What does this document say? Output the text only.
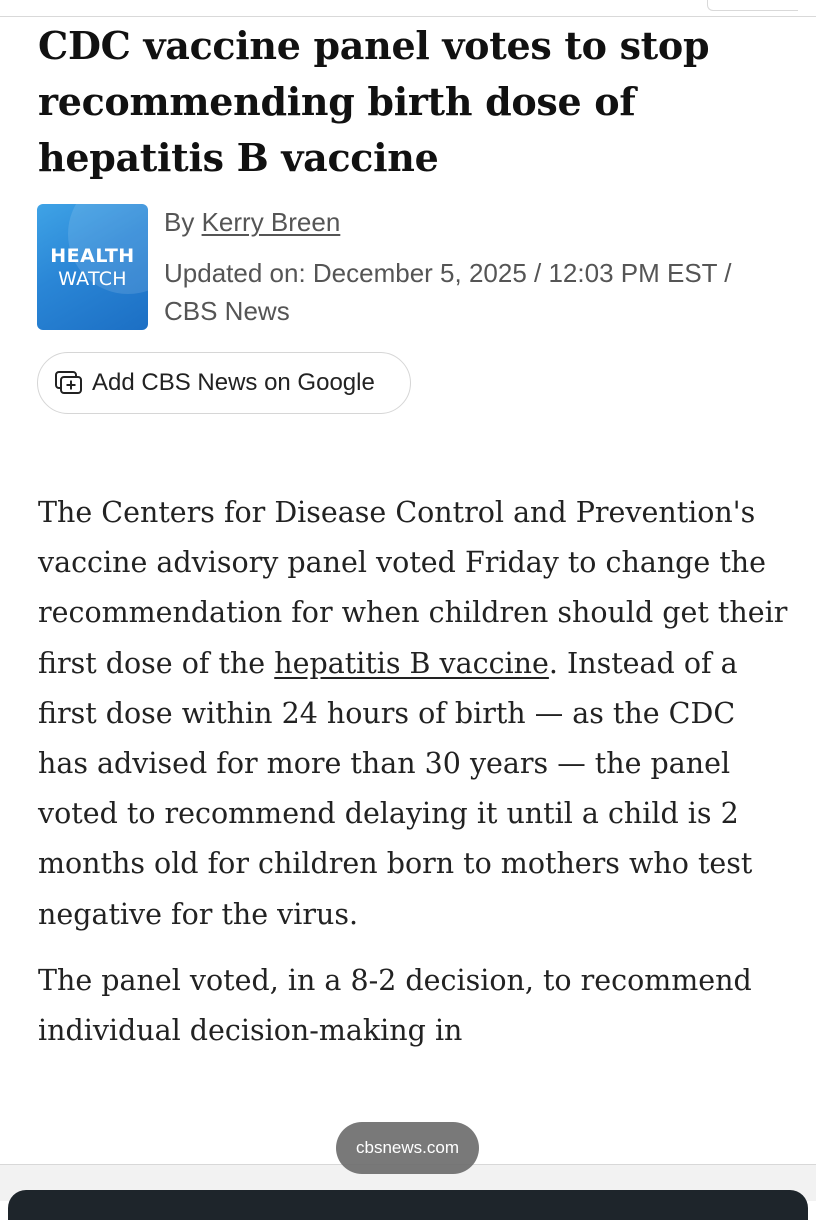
CDC vaccine panel votes to stop recommending birth dose of hepatitis B vaccine
HEALTH
WATCH
By Kerry Breen
Updated on: December 5, 2025 / 12:03 PM EST / CBS News
Add CBS News on Google

The Centers for Disease Control and Prevention's vaccine advisory panel voted Friday to change the recommendation for when children should get their first dose of the hepatitis B vaccine. Instead of a first dose within 24 hours of birth — as the CDC has advised for more than 30 years — the panel voted to recommend delaying it until a child is 2 months old for children born to mothers who test negative for the virus.

The panel voted, in a 8-2 decision, to recommend individual decision-making in

cbsnews.com
